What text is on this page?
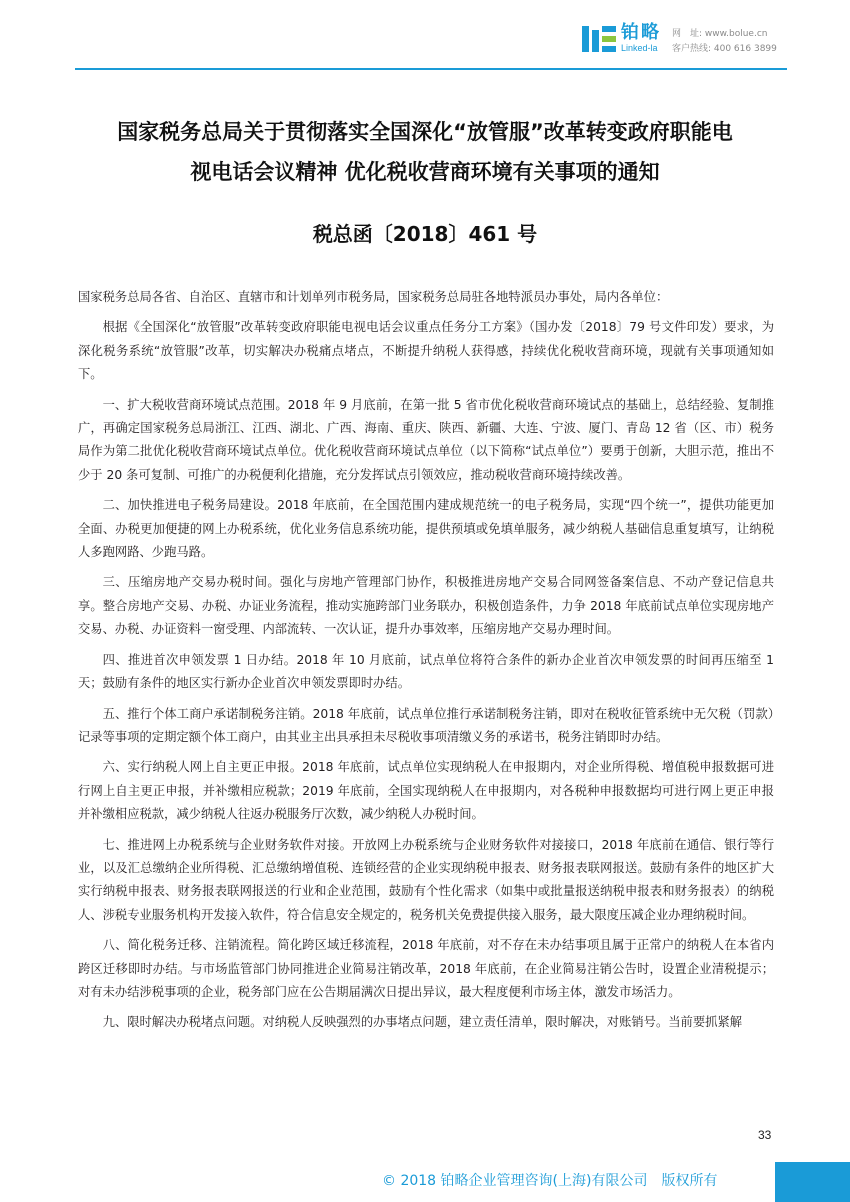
铂略
Linked-la
网　址: www.bolue.cn
客户热线: 400 616 3899
国家税务总局关于贯彻落实全国深化“放管服”改革转变政府职能电
视电话会议精神 优化税收营商环境有关事项的通知
税总函〔2018〕461 号

国家税务总局各省、自治区、直辖市和计划单列市税务局，国家税务总局驻各地特派员办事处，局内各单位：

根据《全国深化“放管服”改革转变政府职能电视电话会议重点任务分工方案》（国办发〔2018〕79 号文件印发）要求，为深化税务系统“放管服”改革，切实解决办税痛点堵点，不断提升纳税人获得感，持续优化税收营商环境，现就有关事项通知如下。

一、扩大税收营商环境试点范围。2018 年 9 月底前，在第一批 5 省市优化税收营商环境试点的基础上，总结经验、复制推广，再确定国家税务总局浙江、江西、湖北、广西、海南、重庆、陕西、新疆、大连、宁波、厦门、青岛 12 省（区、市）税务局作为第二批优化税收营商环境试点单位。优化税收营商环境试点单位（以下简称“试点单位”）要勇于创新，大胆示范，推出不少于 20 条可复制、可推广的办税便利化措施，充分发挥试点引领效应，推动税收营商环境持续改善。

二、加快推进电子税务局建设。2018 年底前，在全国范围内建成规范统一的电子税务局，实现“四个统一”，提供功能更加全面、办税更加便捷的网上办税系统，优化业务信息系统功能，提供预填或免填单服务，减少纳税人基础信息重复填写，让纳税人多跑网路、少跑马路。

三、压缩房地产交易办税时间。强化与房地产管理部门协作，积极推进房地产交易合同网签备案信息、不动产登记信息共享。整合房地产交易、办税、办证业务流程，推动实施跨部门业务联办，积极创造条件，力争 2018 年底前试点单位实现房地产交易、办税、办证资料一窗受理、内部流转、一次认证，提升办事效率，压缩房地产交易办理时间。

四、推进首次申领发票 1 日办结。2018 年 10 月底前，试点单位将符合条件的新办企业首次申领发票的时间再压缩至 1 天；鼓励有条件的地区实行新办企业首次申领发票即时办结。

五、推行个体工商户承诺制税务注销。2018 年底前，试点单位推行承诺制税务注销，即对在税收征管系统中无欠税（罚款）记录等事项的定期定额个体工商户，由其业主出具承担未尽税收事项清缴义务的承诺书，税务注销即时办结。

六、实行纳税人网上自主更正申报。2018 年底前，试点单位实现纳税人在申报期内，对企业所得税、增值税申报数据可进行网上自主更正申报，并补缴相应税款；2019 年底前，全国实现纳税人在申报期内，对各税种申报数据均可进行网上更正申报并补缴相应税款，减少纳税人往返办税服务厅次数，减少纳税人办税时间。

七、推进网上办税系统与企业财务软件对接。开放网上办税系统与企业财务软件对接接口，2018 年底前在通信、银行等行业，以及汇总缴纳企业所得税、汇总缴纳增值税、连锁经营的企业实现纳税申报表、财务报表联网报送。鼓励有条件的地区扩大实行纳税申报表、财务报表联网报送的行业和企业范围，鼓励有个性化需求（如集中或批量报送纳税申报表和财务报表）的纳税人、涉税专业服务机构开发接入软件，符合信息安全规定的，税务机关免费提供接入服务，最大限度压减企业办理纳税时间。

八、简化税务迁移、注销流程。简化跨区域迁移流程，2018 年底前，对不存在未办结事项且属于正常户的纳税人在本省内跨区迁移即时办结。与市场监管部门协同推进企业简易注销改革，2018 年底前，在企业简易注销公告时，设置企业清税提示；对有未办结涉税事项的企业，税务部门应在公告期届满次日提出异议，最大程度便利市场主体，激发市场活力。

九、限时解决办税堵点问题。对纳税人反映强烈的办事堵点问题，建立责任清单，限时解决，对账销号。当前要抓紧解

33
© 2018 铂略企业管理咨询(上海)有限公司　版权所有
